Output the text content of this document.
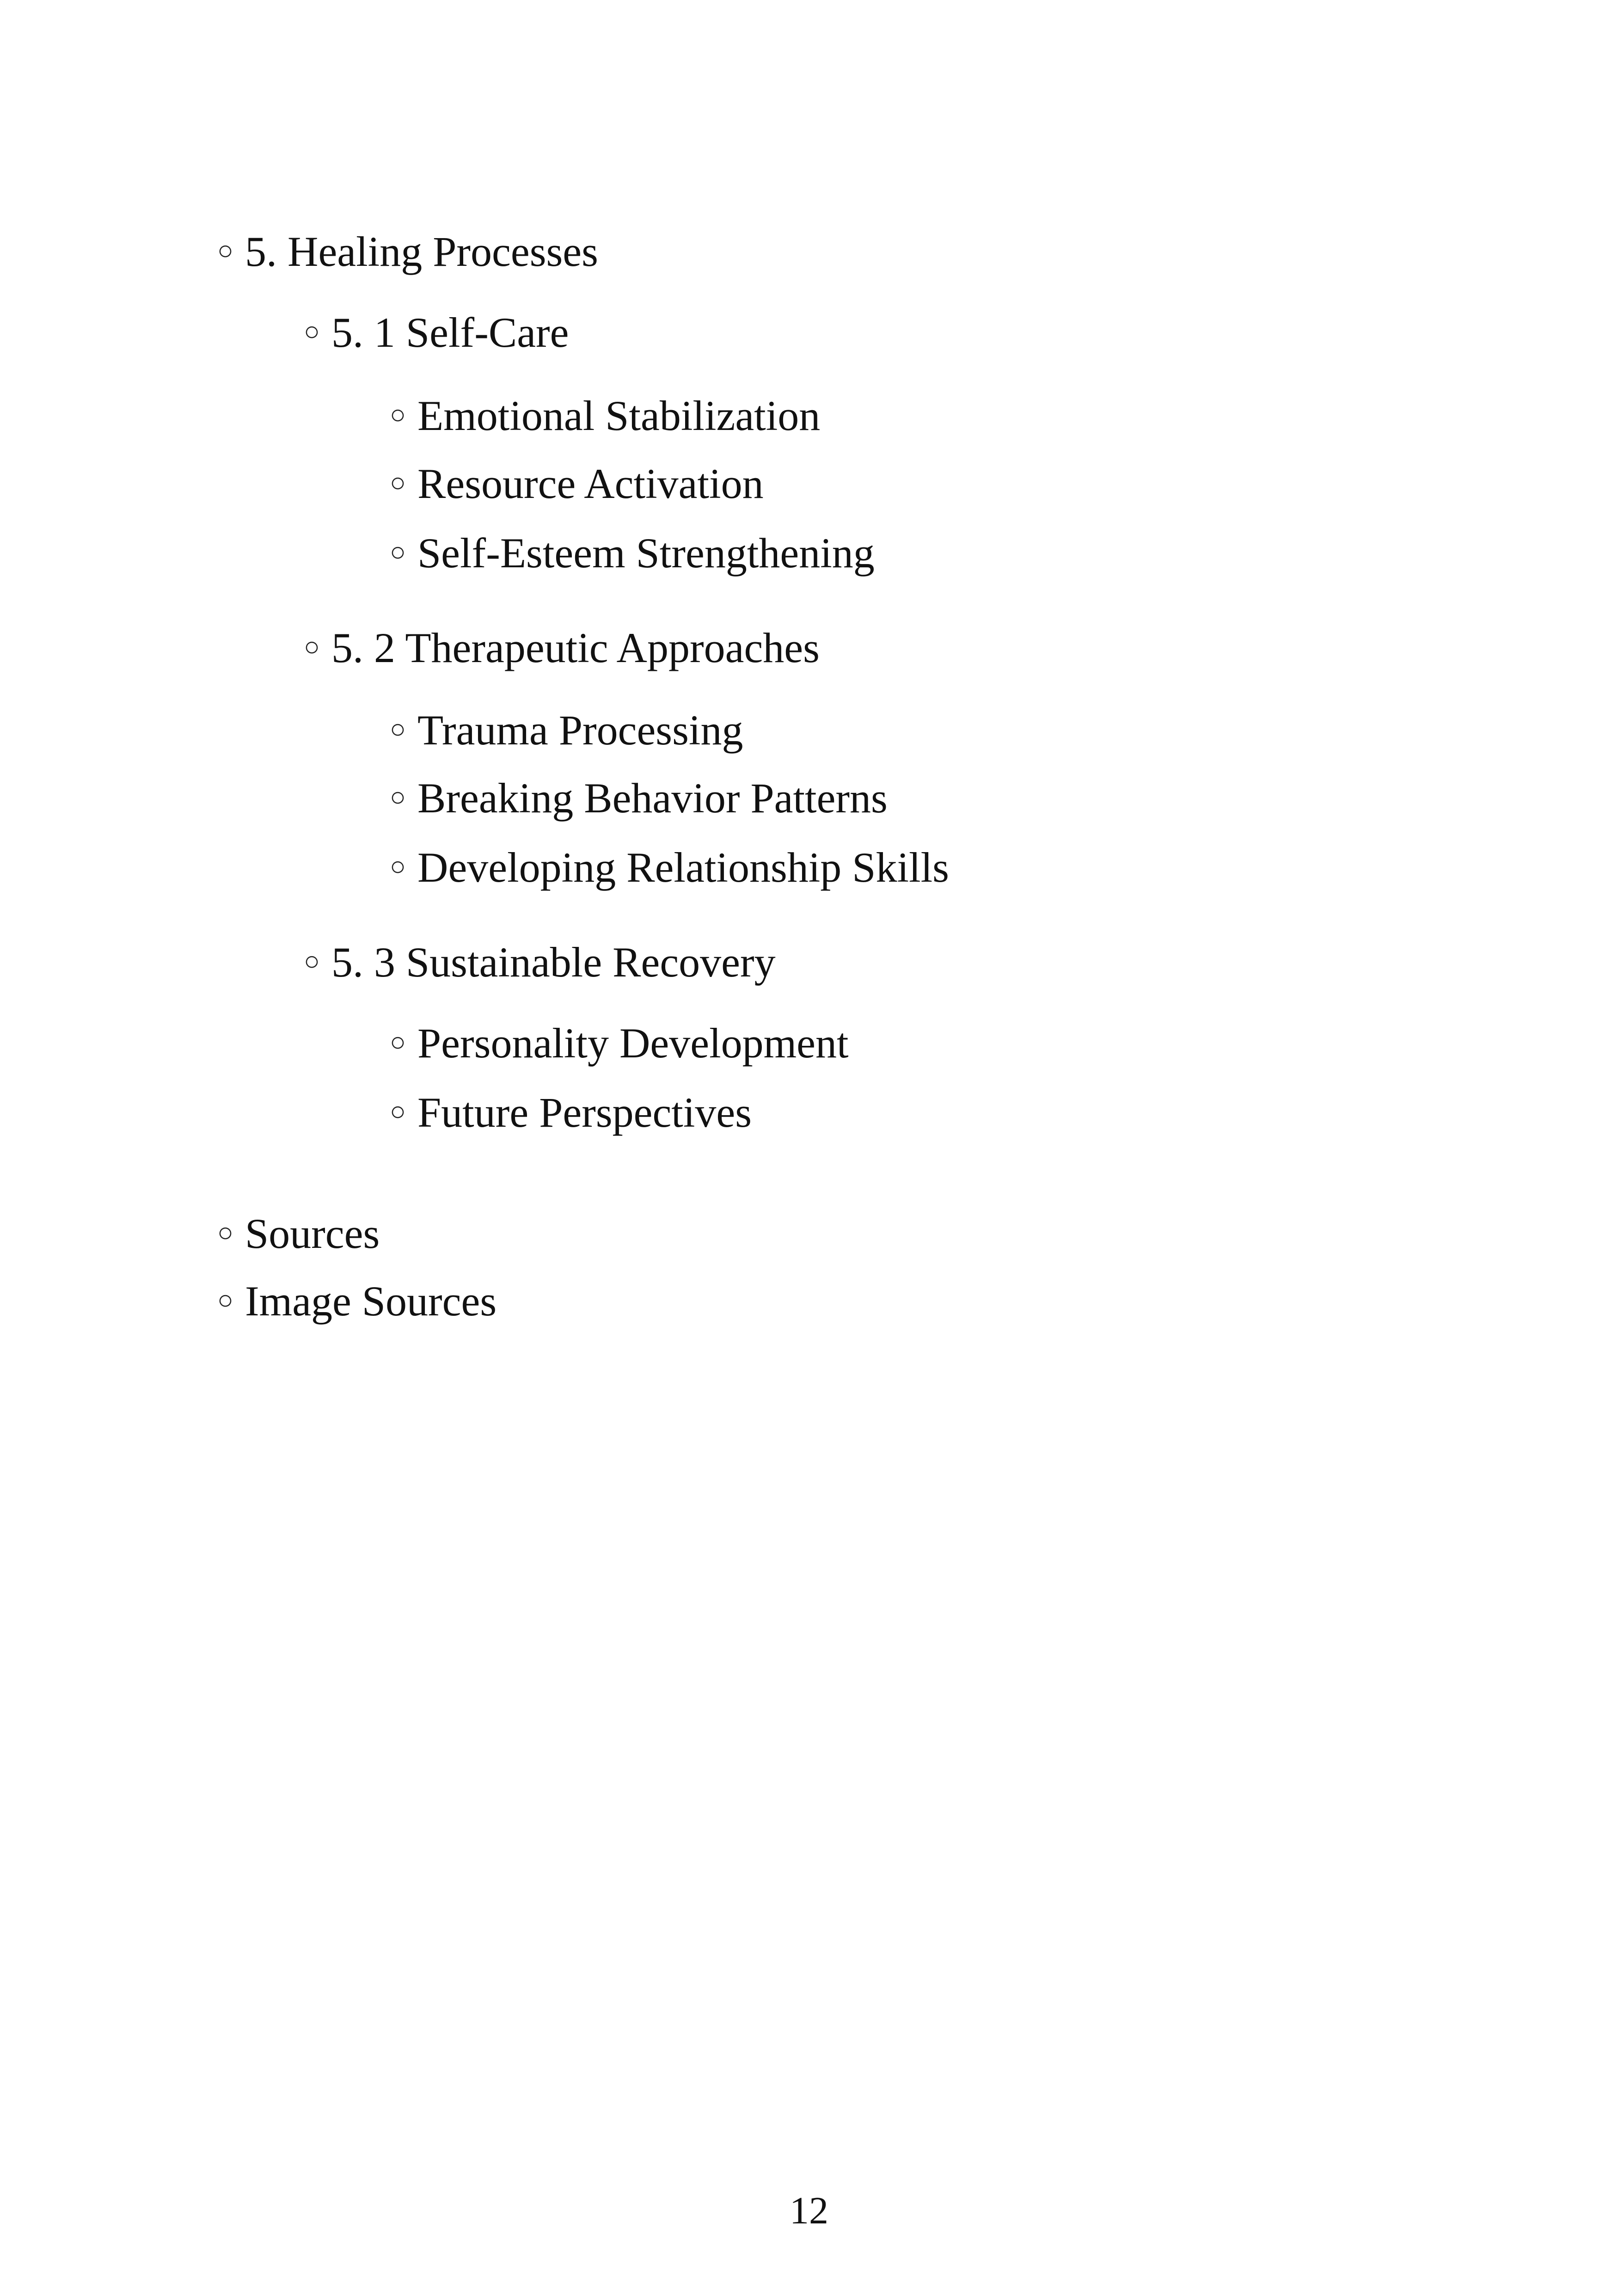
○ 5. Healing Processes
○ 5. 1 Self-Care
○ Emotional Stabilization
○ Resource Activation
○ Self-Esteem Strengthening
○ 5. 2 Therapeutic Approaches
○ Trauma Processing
○ Breaking Behavior Patterns
○ Developing Relationship Skills
○ 5. 3 Sustainable Recovery
○ Personality Development
○ Future Perspectives
○ Sources
○ Image Sources
12
